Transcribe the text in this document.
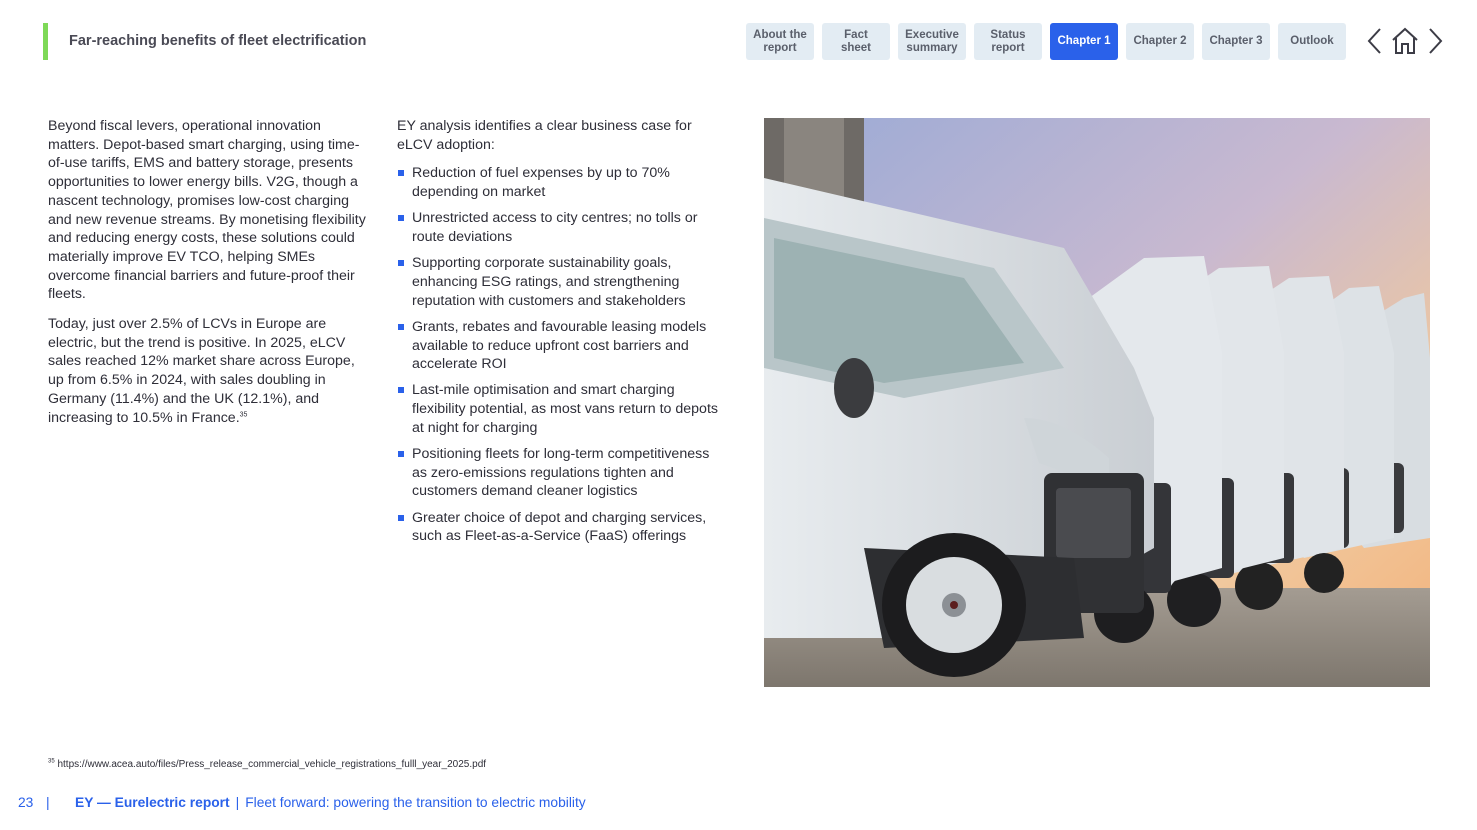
Far-reaching benefits of fleet electrification	About the
report
Fact
sheet
Executive
summary
Status
report
Chapter 1	Chapter 2	Chapter 3	Outlook

Beyond fiscal levers, operational innovation matters. Depot-based smart charging, using time-of-use tariffs, EMS and battery storage, presents opportunities to lower energy bills. V2G, though a nascent technology, promises low-cost charging and new revenue streams. By monetising flexibility and reducing energy costs, these solutions could materially improve EV TCO, helping SMEs overcome financial barriers and future-proof their fleets.

Today, just over 2.5% of LCVs in Europe are electric, but the trend is positive. In 2025, eLCV sales reached 12% market share across Europe, up from 6.5% in 2024, with sales doubling in Germany (11.4%) and the UK (12.1%), and increasing to 10.5% in France.$^{35}$

EY analysis identifies a clear business case for eLCV adoption:

Reduction of fuel expenses by up to 70% depending on market
Unrestricted access to city centres; no tolls or route deviations
Supporting corporate sustainability goals, enhancing ESG ratings, and strengthening reputation with customers and stakeholders
Grants, rebates and favourable leasing models available to reduce upfront cost barriers and accelerate ROI
Last-mile optimisation and smart charging flexibility potential, as most vans return to depots at night for charging
Positioning fleets for long-term competitiveness as zero-emissions regulations tighten and customers demand cleaner logistics
Greater choice of depot and charging services, such as Fleet-as-a-Service (FaaS) offerings
$^{35}$ https://www.acea.auto/files/Press_release_commercial_vehicle_registrations_fulll_year_2025.pdf
23 | EY — Eurelectric report | Fleet forward: powering the transition to electric mobility
